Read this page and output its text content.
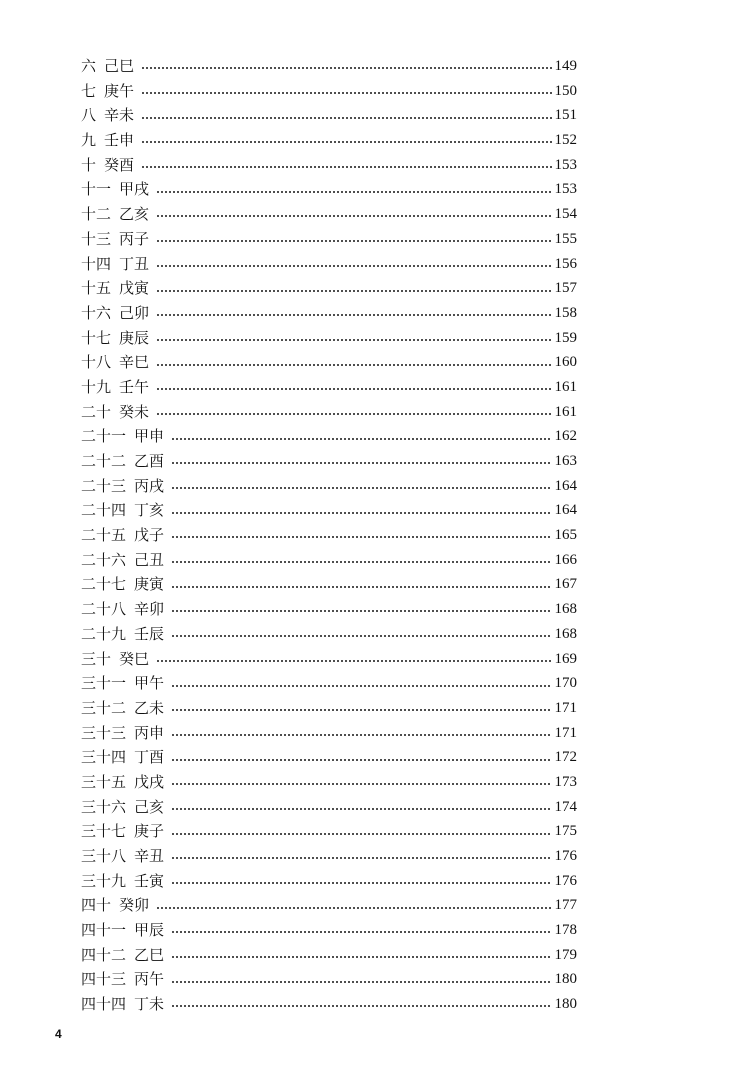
六 己巳	149
七 庚午	150
八 辛未	151
九 壬申	152
十 癸酉	153
十一 甲戌	153
十二 乙亥	154
十三 丙子	155
十四 丁丑	156
十五 戊寅	157
十六 己卯	158
十七 庚辰	159
十八 辛巳	160
十九 壬午	161
二十 癸未	161
二十一 甲申	162
二十二 乙酉	163
二十三 丙戌	164
二十四 丁亥	164
二十五 戊子	165
二十六 己丑	166
二十七 庚寅	167
二十八 辛卯	168
二十九 壬辰	168
三十 癸巳	169
三十一 甲午	170
三十二 乙未	171
三十三 丙申	171
三十四 丁酉	172
三十五 戊戌	173
三十六 己亥	174
三十七 庚子	175
三十八 辛丑	176
三十九 壬寅	176
四十 癸卯	177
四十一 甲辰	178
四十二 乙巳	179
四十三 丙午	180
四十四 丁未	180
4
